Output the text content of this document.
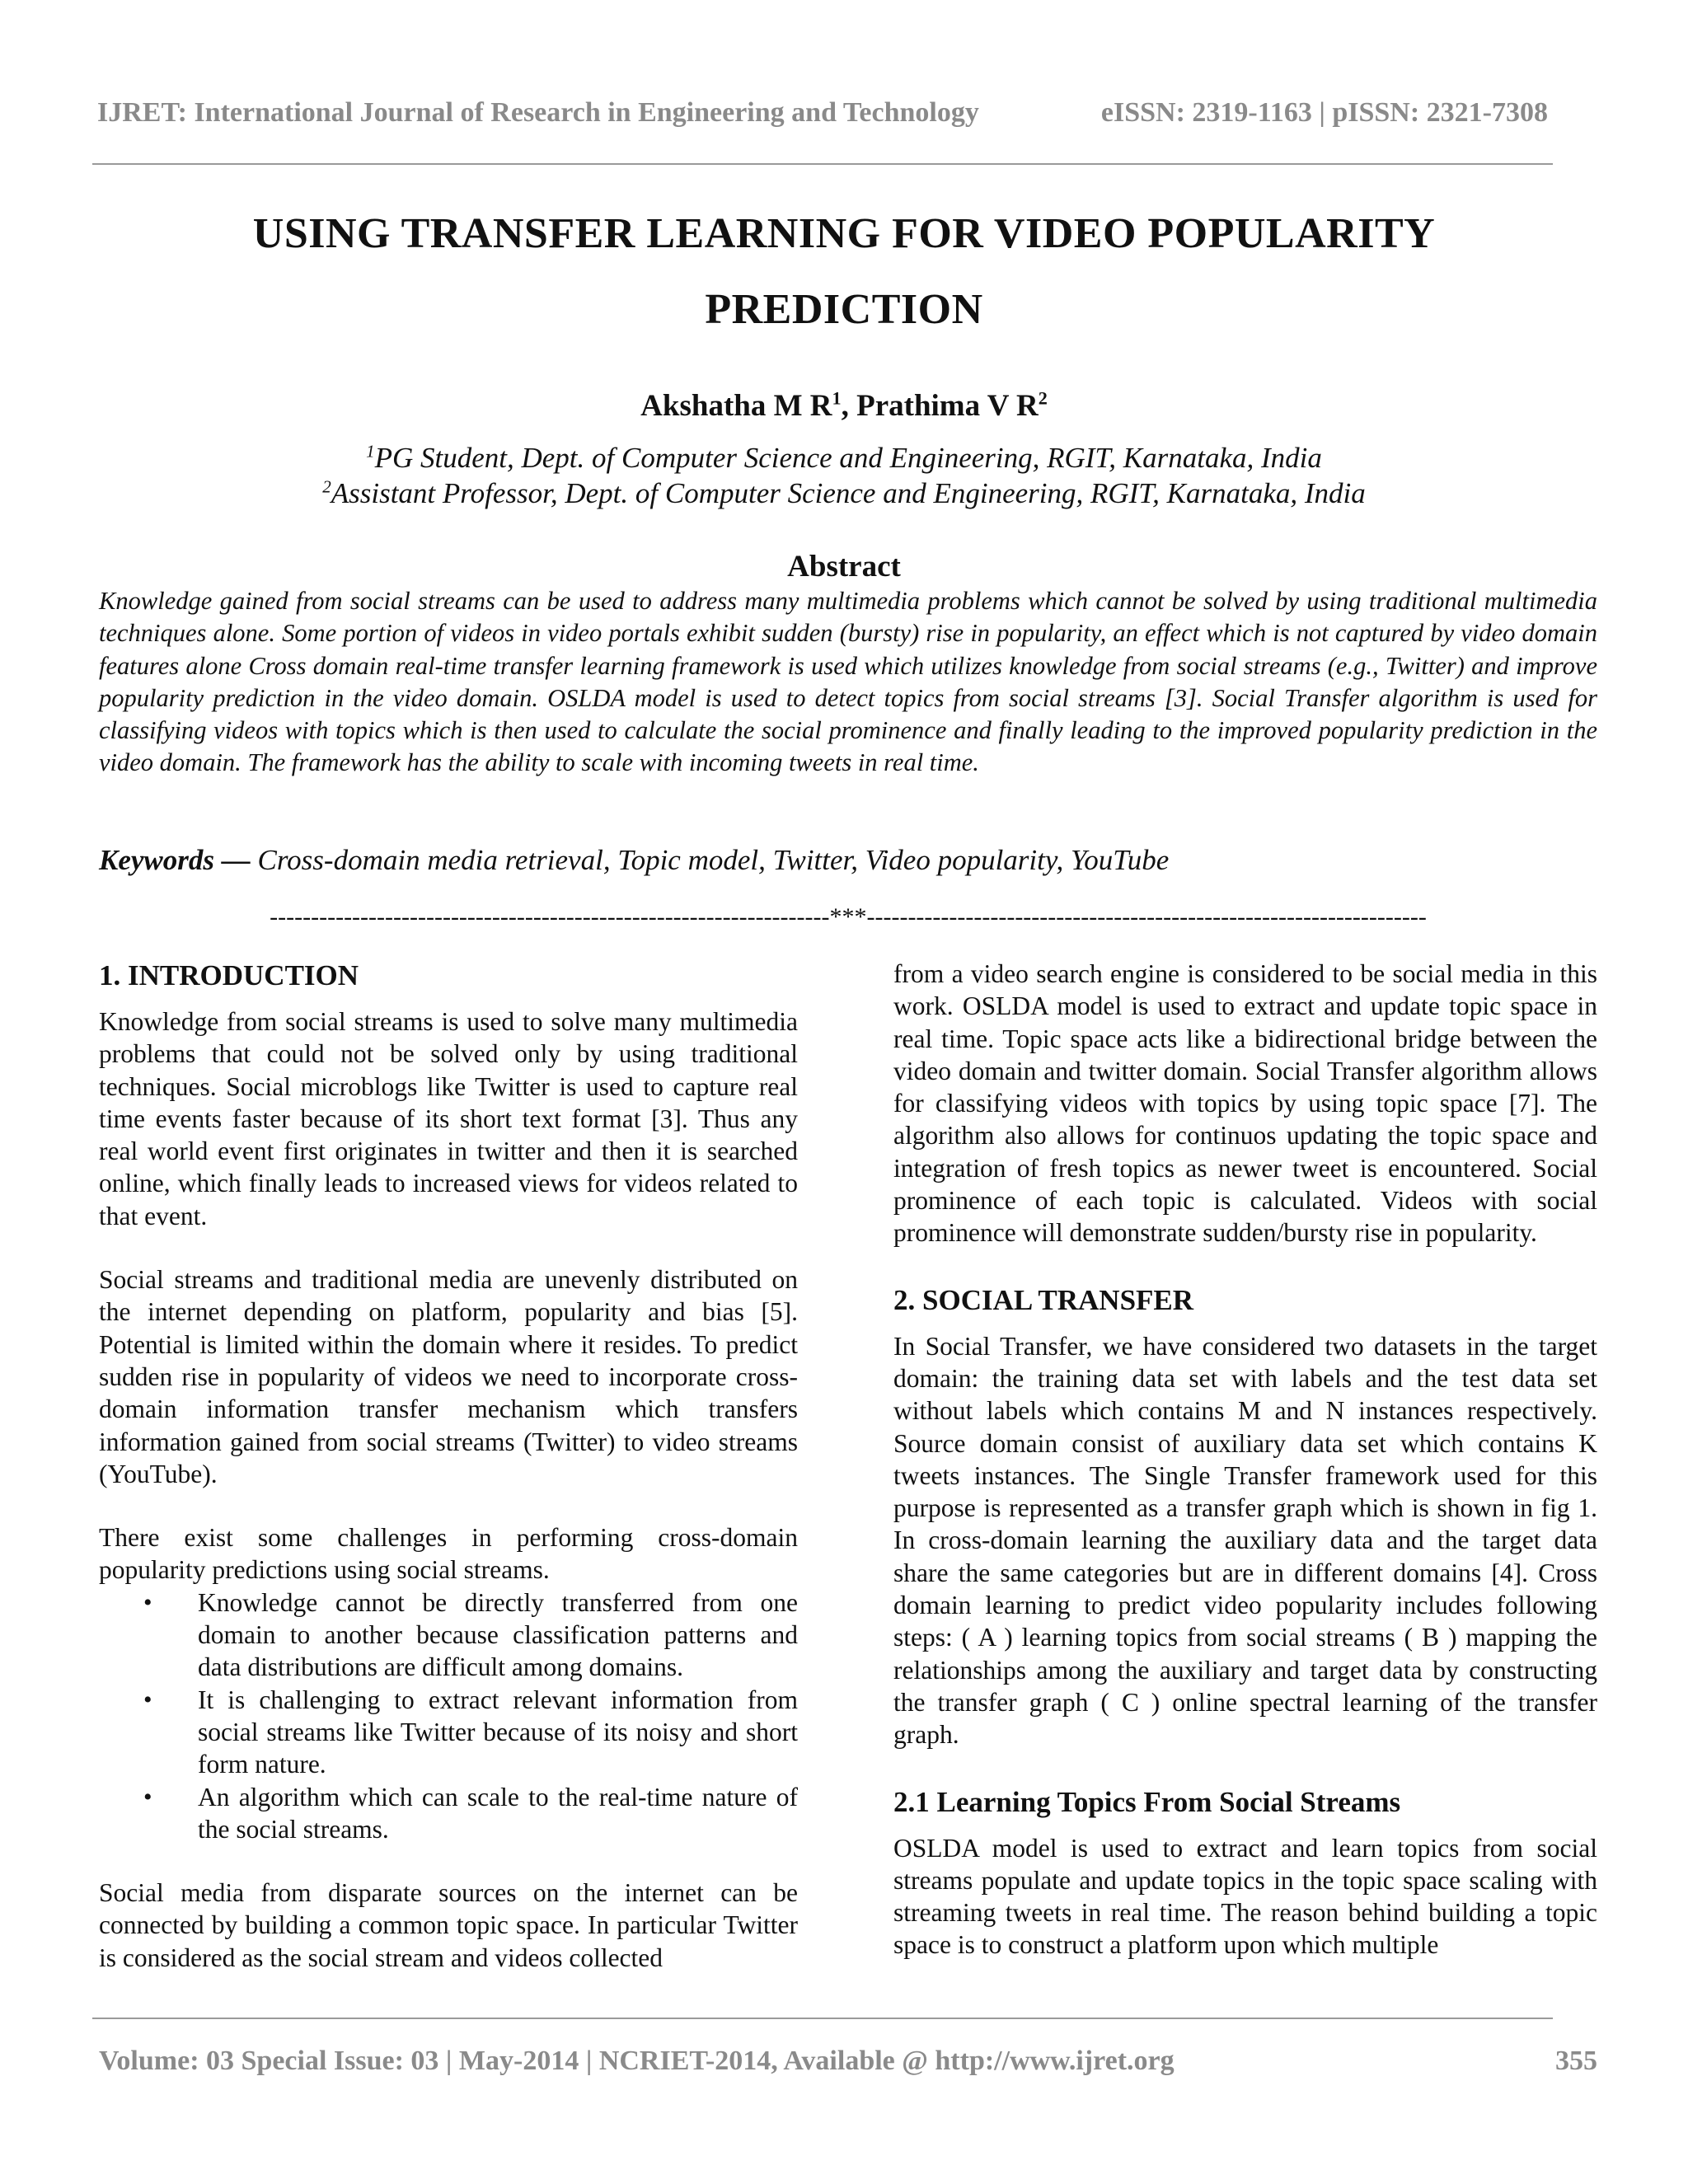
IJRET: International Journal of Research in Engineering and Technology	eISSN: 2319-1163 | pISSN: 2321-7308
USING TRANSFER LEARNING FOR VIDEO POPULARITY
PREDICTION
Akshatha M $R^1$, Prathima V $R^2$
$^1$PG Student, Dept. of Computer Science and Engineering, RGIT, Karnataka, India
$^2$Assistant Professor, Dept. of Computer Science and Engineering, RGIT, Karnataka, India
Abstract
Knowledge gained from social streams can be used to address many multimedia problems which cannot be solved by using traditional multimedia techniques alone. Some portion of videos in video portals exhibit sudden (bursty) rise in popularity, an effect which is not captured by video domain features alone Cross domain real-time transfer learning framework is used which utilizes knowledge from social streams (e.g., Twitter) and improve popularity prediction in the video domain. OSLDA model is used to detect topics from social streams [3]. Social Transfer algorithm is used for classifying videos with topics which is then used to calculate the social prominence and finally leading to the improved popularity prediction in the video domain. The framework has the ability to scale with incoming tweets in real time.
Keywords — Cross-domain media retrieval, Topic model, Twitter, Video popularity, YouTube
--------------------------------------------------------------------***--------------------------------------------------------------------
1. INTRODUCTION

Knowledge from social streams is used to solve many multimedia problems that could not be solved only by using traditional techniques. Social microblogs like Twitter is used to capture real time events faster because of its short text format [3]. Thus any real world event first originates in twitter and then it is searched online, which finally leads to increased views for videos related to that event.

Social streams and traditional media are unevenly distributed on the internet depending on platform, popularity and bias [5]. Potential is limited within the domain where it resides. To predict sudden rise in popularity of videos we need to incorporate cross-domain information transfer mechanism which transfers information gained from social streams (Twitter) to video streams (YouTube).

There exist some challenges in performing cross-domain popularity predictions using social streams.

• Knowledge cannot be directly transferred from one domain to another because classification patterns and data distributions are difficult among domains.
• It is challenging to extract relevant information from social streams like Twitter because of its noisy and short form nature.
• An algorithm which can scale to the real-time nature of the social streams.

Social media from disparate sources on the internet can be connected by building a common topic space. In particular Twitter is considered as the social stream and videos collected

from a video search engine is considered to be social media in this work. OSLDA model is used to extract and update topic space in real time. Topic space acts like a bidirectional bridge between the video domain and twitter domain. Social Transfer algorithm allows for classifying videos with topics by using topic space [7]. The algorithm also allows for continuos updating the topic space and integration of fresh topics as newer tweet is encountered. Social prominence of each topic is calculated. Videos with social prominence will demonstrate sudden/bursty rise in popularity.

2. SOCIAL TRANSFER

In Social Transfer, we have considered two datasets in the target domain: the training data set with labels and the test data set without labels which contains M and N instances respectively. Source domain consist of auxiliary data set which contains K tweets instances. The Single Transfer framework used for this purpose is represented as a transfer graph which is shown in fig 1. In cross-domain learning the auxiliary data and the target data share the same categories but are in different domains [4]. Cross domain learning to predict video popularity includes following steps: ( A ) learning topics from social streams ( B ) mapping the relationships among the auxiliary and target data by constructing the transfer graph ( C ) online spectral learning of the transfer graph.

2.1 Learning Topics From Social Streams

OSLDA model is used to extract and learn topics from social streams populate and update topics in the topic space scaling with streaming tweets in real time. The reason behind building a topic space is to construct a platform upon which multiple

Volume: 03 Special Issue: 03 | May-2014 | NCRIET-2014, Available @ http://www.ijret.org	355
